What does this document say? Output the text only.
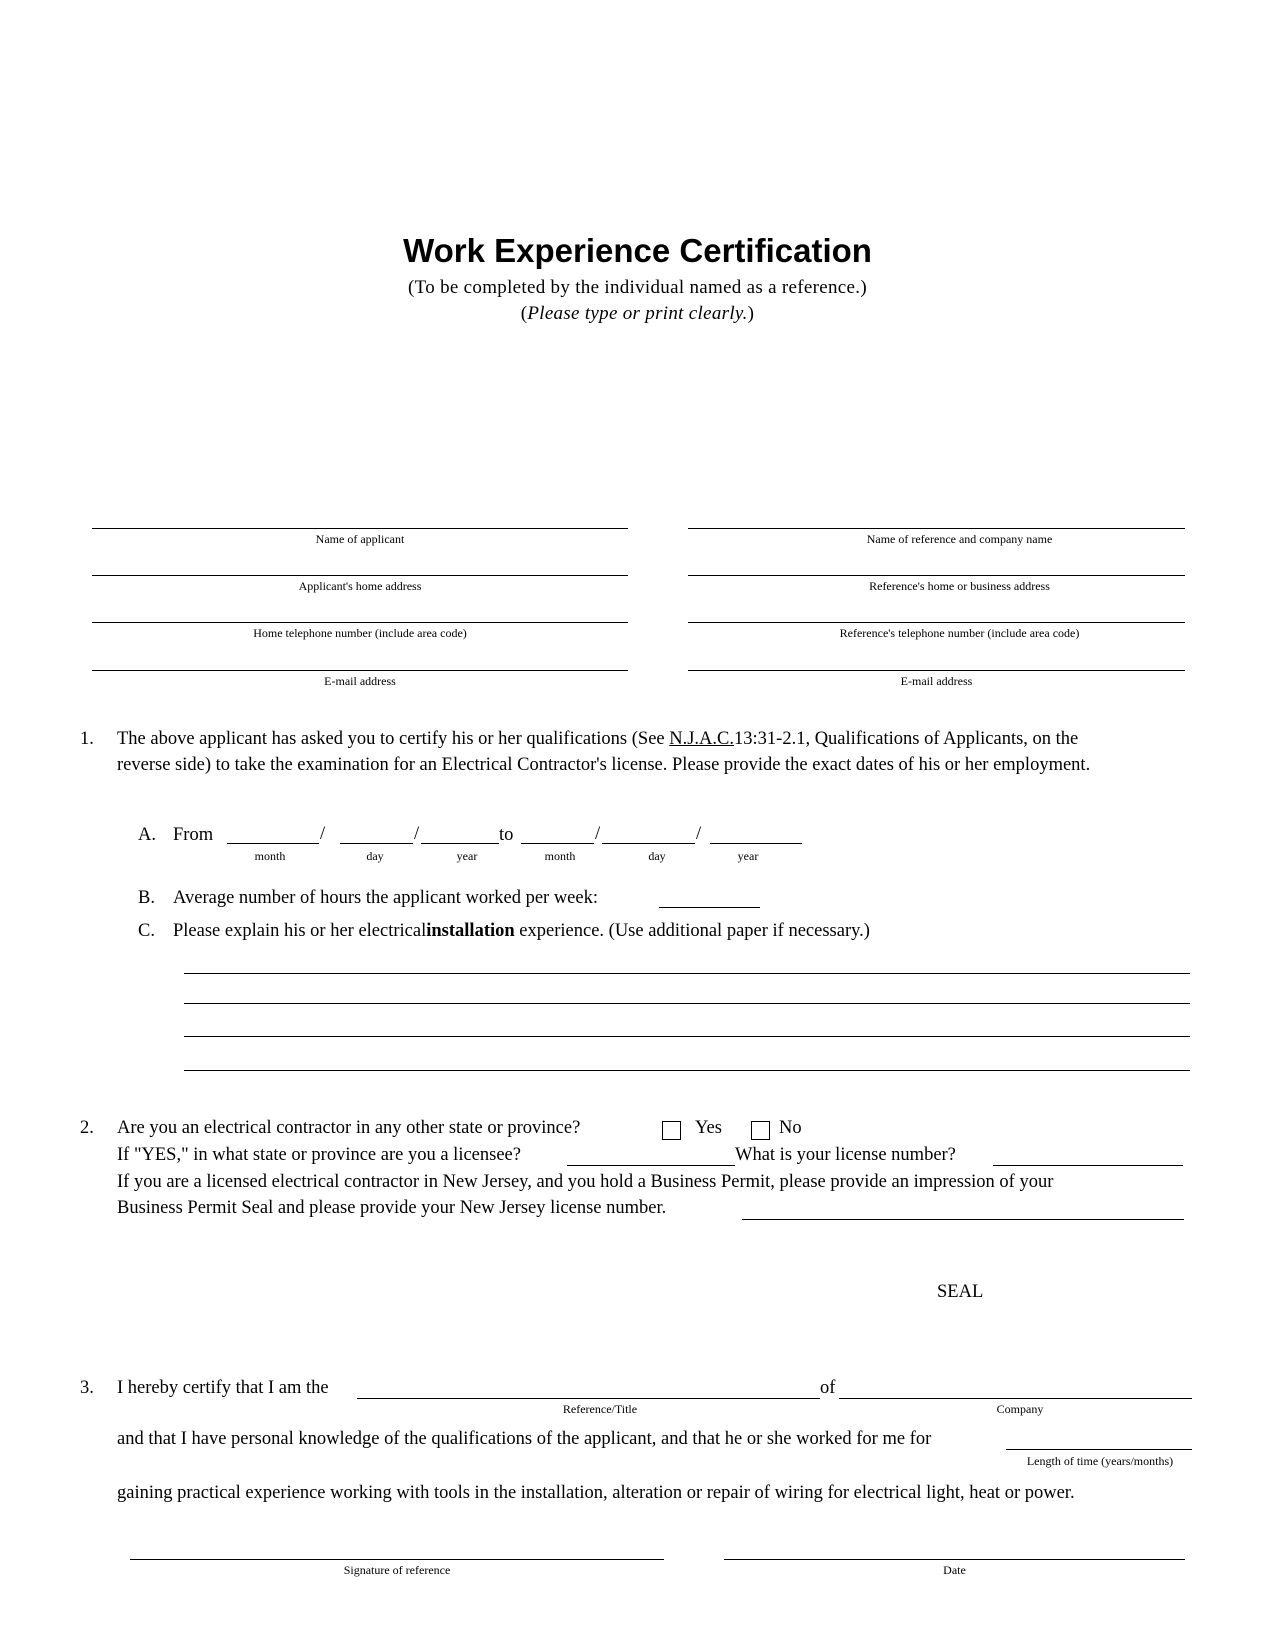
Work Experience Certification
(To be completed by the individual named as a reference.)
(Please type or print clearly.)
Name of applicant
Applicant's home address
Home telephone number (include area code)
E-mail address
Name of reference and company name
Reference's home or business address
Reference's telephone number (include area code)
E-mail address
1. The above applicant has asked you to certify his or her qualifications (See N.J.A.C.13:31-2.1, Qualifications of Applicants, on the
reverse side) to take the examination for an Electrical Contractor's license. Please provide the exact dates of his or her employment.
A. From	/	/	to	/	/
month	day	year	month	day	year
B. Average number of hours the applicant worked per week:
C. Please explain his or her electricalinstallation experience. (Use additional paper if necessary.)
2. Are you an electrical contractor in any other state or province?	Yes	No
If "YES," in what state or province are you a licensee?	What is your license number?
If you are a licensed electrical contractor in New Jersey, and you hold a Business Permit, please provide an impression of your
Business Permit Seal and please provide your New Jersey license number.
SEAL
3. I hereby certify that I am the	of
Reference/Title	Company
and that I have personal knowledge of the qualifications of the applicant, and that he or she worked for me for
Length of time (years/months)
gaining practical experience working with tools in the installation, alteration or repair of wiring for electrical light, heat or power.
Signature of reference	Date
